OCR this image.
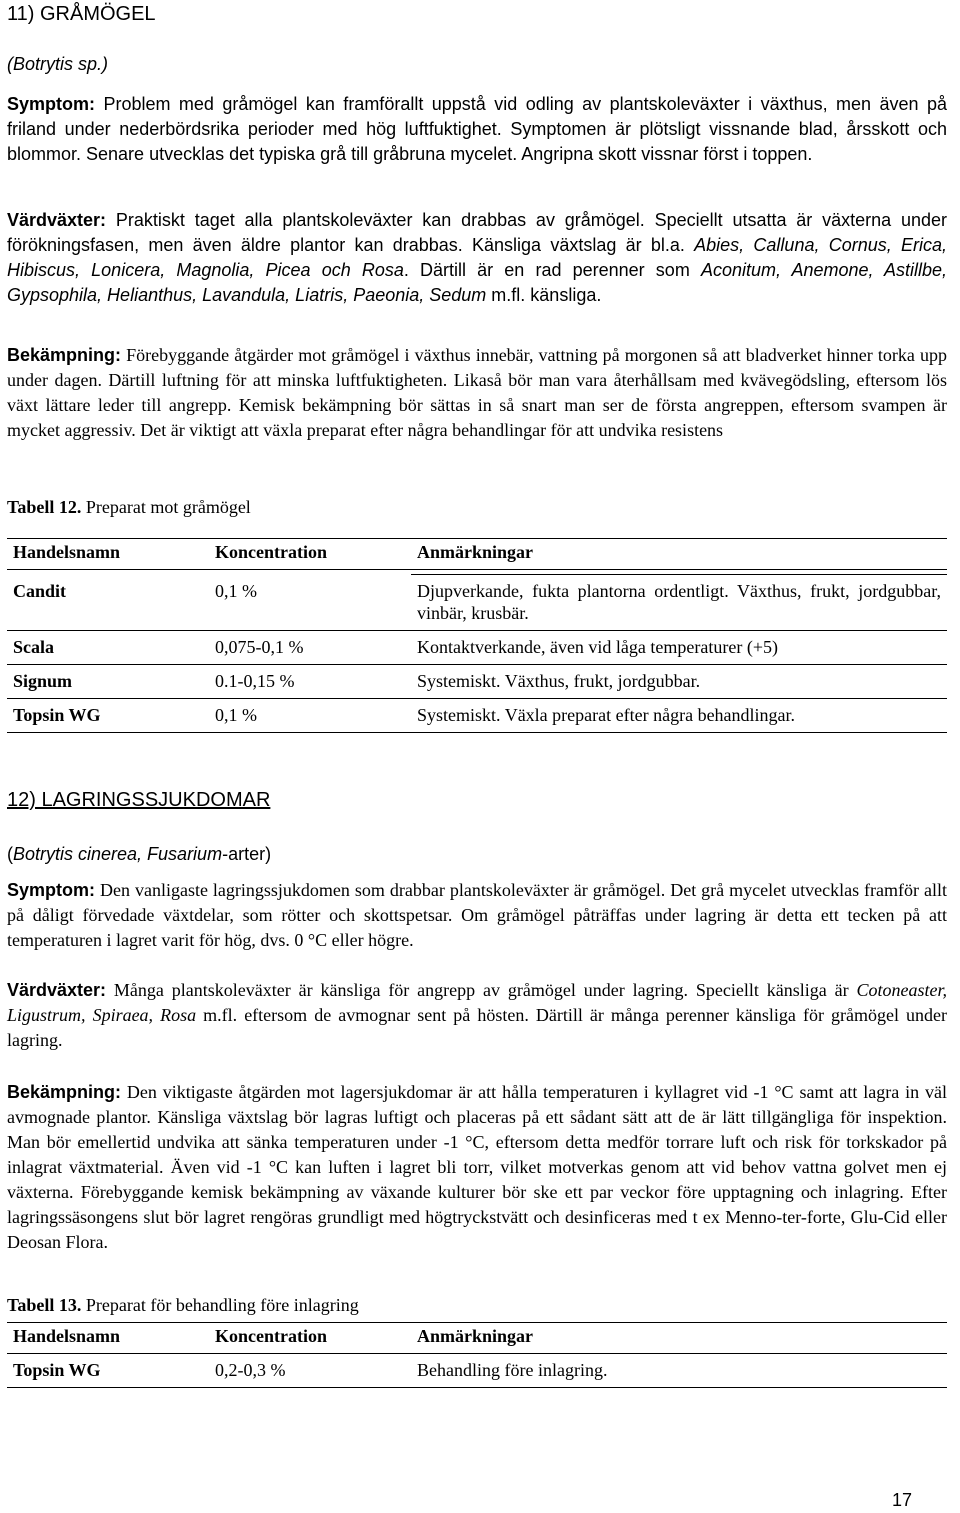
11) GRÅMÖGEL
(Botrytis sp.)
Symptom: Problem med gråmögel kan framförallt uppstå vid odling av plantskoleväxter i växthus, men även på friland under nederbördsrika perioder med hög luftfuktighet. Symptomen är plötsligt vissnande blad, årsskott och blommor. Senare utvecklas det typiska grå till gråbruna mycelet. Angripna skott vissnar först i toppen.
Värdväxter: Praktiskt taget alla plantskoleväxter kan drabbas av gråmögel. Speciellt utsatta är växterna under förökningsfasen, men även äldre plantor kan drabbas. Känsliga växtslag är bl.a. Abies, Calluna, Cornus, Erica, Hibiscus, Lonicera, Magnolia, Picea och Rosa. Därtill är en rad perenner som Aconitum, Anemone, Astillbe, Gypsophila, Helianthus, Lavandula, Liatris, Paeonia, Sedum m.fl. känsliga.
Bekämpning: Förebyggande åtgärder mot gråmögel i växthus innebär, vattning på morgonen så att bladverket hinner torka upp under dagen. Därtill luftning för att minska luftfuktigheten. Likaså bör man vara återhållsam med kvävegödsling, eftersom lös växt lättare leder till angrepp. Kemisk bekämpning bör sättas in så snart man ser de första angreppen, eftersom svampen är mycket aggressiv. Det är viktigt att växla preparat efter några behandlingar för att undvika resistens
Tabell 12. Preparat mot gråmögel
Handelsnamn	Koncentration	Anmärkningar

Candit	0,1 %	Djupverkande, fukta plantorna ordentligt. Växthus, frukt, jordgubbar, vinbär, krusbär.
Scala	0,075-0,1 %	Kontaktverkande, även vid låga temperaturer (+5)
Signum	0.1-0,15 %	Systemiskt. Växthus, frukt, jordgubbar.
Topsin WG	0,1 %	Systemiskt. Växla preparat efter några behandlingar.
12) LAGRINGSSJUKDOMAR
(Botrytis cinerea, Fusarium-arter)
Symptom: Den vanligaste lagringssjukdomen som drabbar plantskoleväxter är gråmögel. Det grå mycelet utvecklas framför allt på dåligt förvedade växtdelar, som rötter och skottspetsar. Om gråmögel påträffas under lagring är detta ett tecken på att temperaturen i lagret varit för hög, dvs. 0 °C eller högre.
Värdväxter: Många plantskoleväxter är känsliga för angrepp av gråmögel under lagring. Speciellt känsliga är Cotoneaster, Ligustrum, Spiraea, Rosa m.fl. eftersom de avmognar sent på hösten. Därtill är många perenner känsliga för gråmögel under lagring.
Bekämpning: Den viktigaste åtgärden mot lagersjukdomar är att hålla temperaturen i kyllagret vid -1 °C samt att lagra in väl avmognade plantor. Känsliga växtslag bör lagras luftigt och placeras på ett sådant sätt att de är lätt tillgängliga för inspektion. Man bör emellertid undvika att sänka temperaturen under -1 °C, eftersom detta medför torrare luft och risk för torkskador på inlagrat växtmaterial. Även vid -1 °C kan luften i lagret bli torr, vilket motverkas genom att vid behov vattna golvet men ej växterna. Förebyggande kemisk bekämpning av växande kulturer bör ske ett par veckor före upptagning och inlagring. Efter lagringssäsongens slut bör lagret rengöras grundligt med högtryckstvätt och desinficeras med t ex Menno-ter-forte, Glu-Cid eller Deosan Flora.
Tabell 13. Preparat för behandling före inlagring
Handelsnamn	Koncentration	Anmärkningar
Topsin WG	0,2-0,3 %	Behandling före inlagring.
17
